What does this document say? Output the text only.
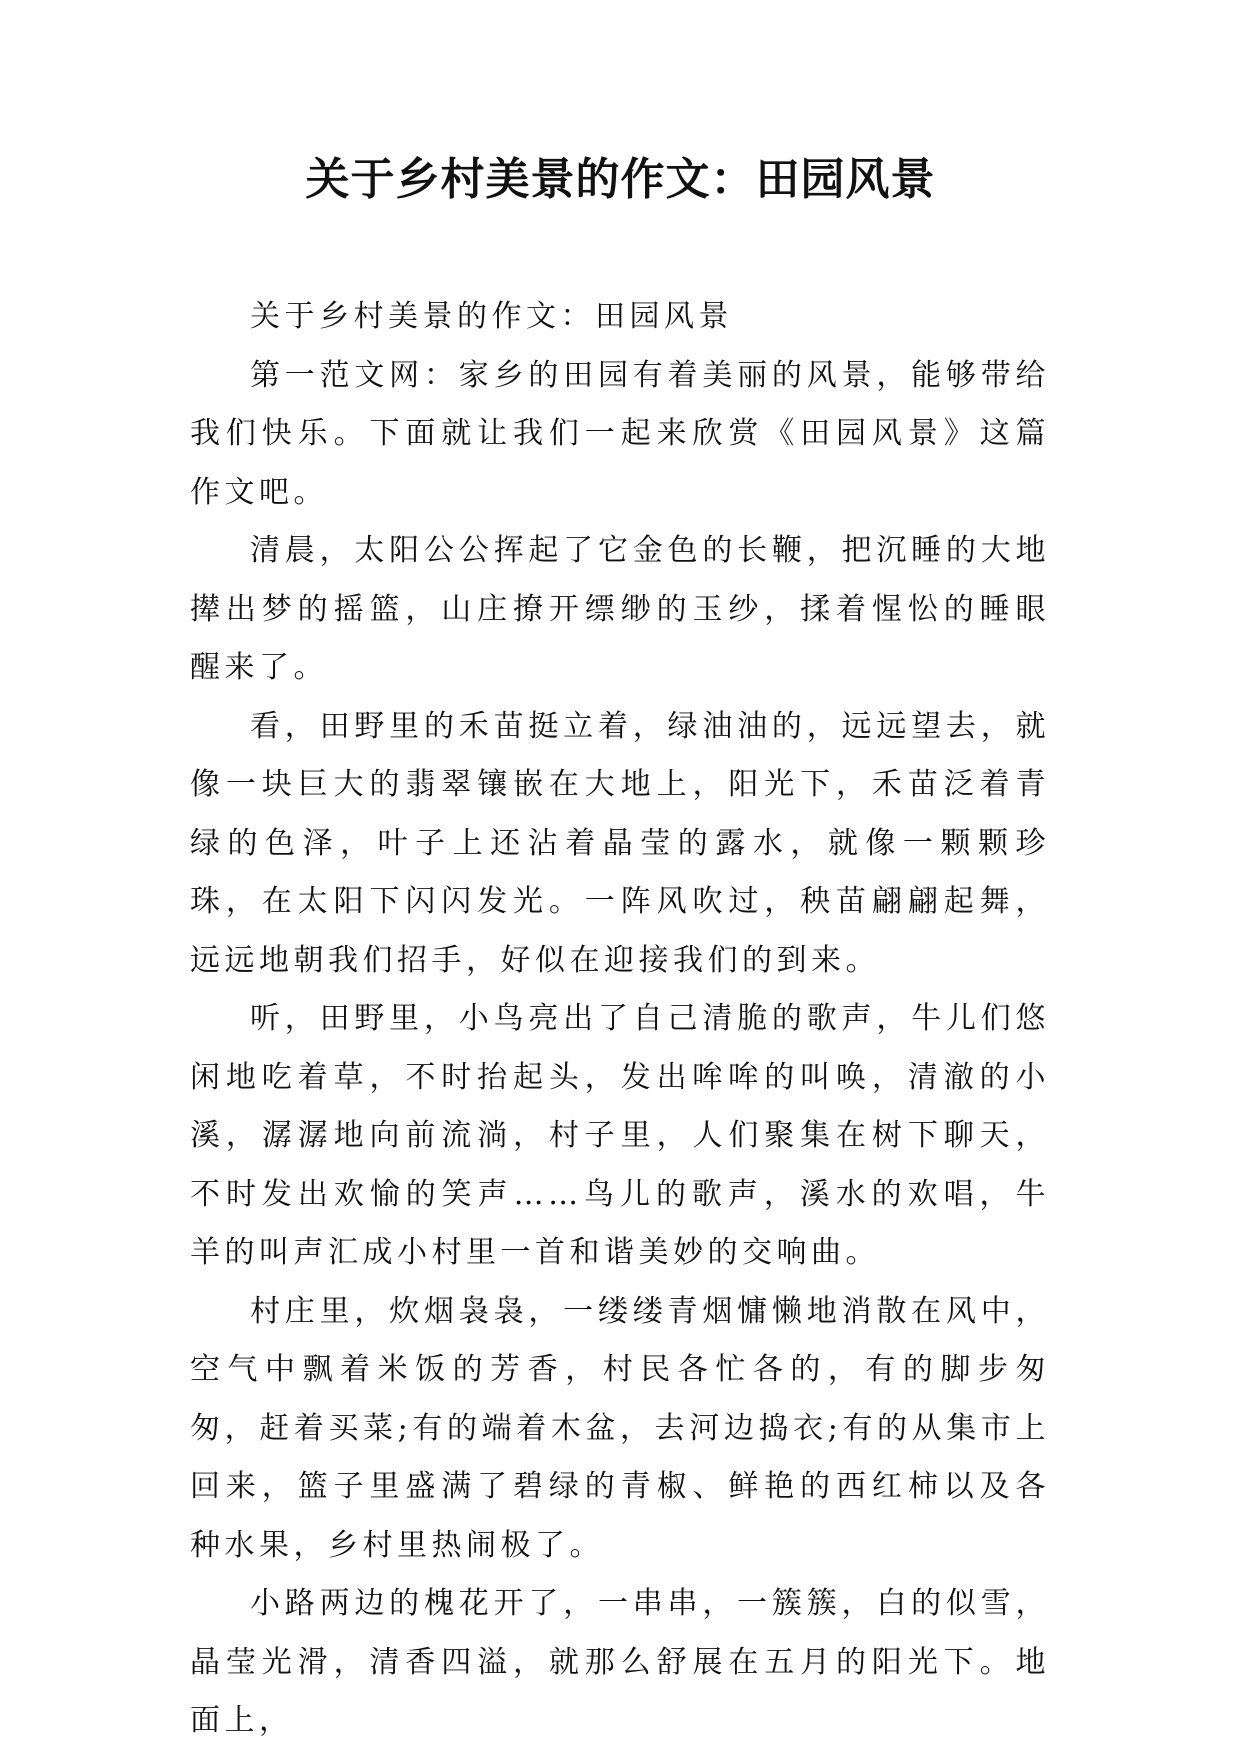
关于乡村美景的作文：田园风景

关于乡村美景的作文：田园风景

第一范文网：家乡的田园有着美丽的风景，能够带给我们快乐。下面就让我们一起来欣赏《田园风景》这篇作文吧。

清晨，太阳公公挥起了它金色的长鞭，把沉睡的大地撵出梦的摇篮，山庄撩开缥缈的玉纱，揉着惺忪的睡眼醒来了。

看，田野里的禾苗挺立着，绿油油的，远远望去，就像一块巨大的翡翠镶嵌在大地上，阳光下，禾苗泛着青绿的色泽，叶子上还沾着晶莹的露水，就像一颗颗珍珠，在太阳下闪闪发光。一阵风吹过，秧苗翩翩起舞，远远地朝我们招手，好似在迎接我们的到来。

听，田野里，小鸟亮出了自己清脆的歌声，牛儿们悠闲地吃着草，不时抬起头，发出哞哞的叫唤，清澈的小溪，潺潺地向前流淌，村子里，人们聚集在树下聊天，不时发出欢愉的笑声……鸟儿的歌声，溪水的欢唱，牛羊的叫声汇成小村里一首和谐美妙的交响曲。

村庄里，炊烟袅袅，一缕缕青烟慵懒地消散在风中，空气中飘着米饭的芳香，村民各忙各的，有的脚步匆匆，赶着买菜;有的端着木盆，去河边捣衣;有的从集市上回来，篮子里盛满了碧绿的青椒、鲜艳的西红柿以及各种水果，乡村里热闹极了。

小路两边的槐花开了，一串串，一簇簇，白的似雪，晶莹光滑，清香四溢，就那么舒展在五月的阳光下。地面上，
